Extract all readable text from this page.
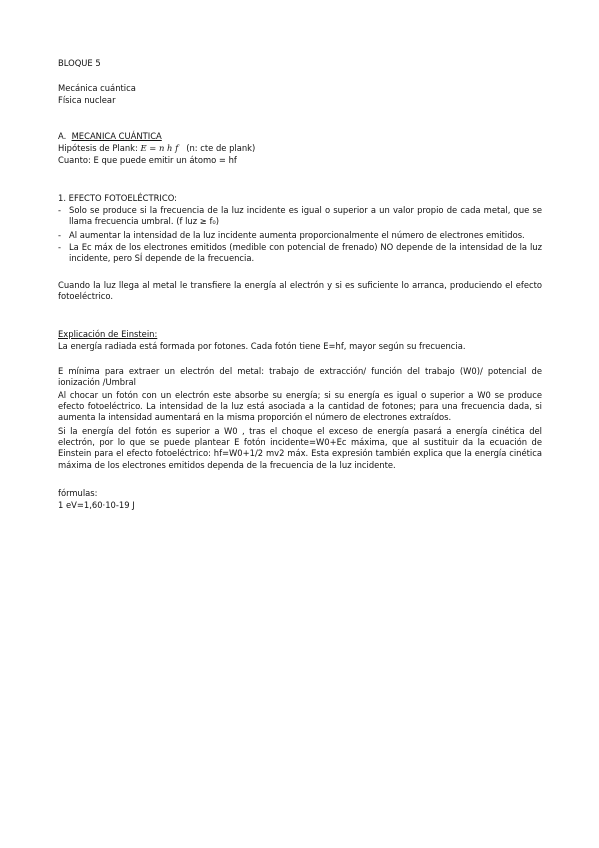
BLOQUE 5
Mecánica cuántica
Física nuclear
A. MECANICA CUÁNTICA
Hipótesis de Plank: E = n h f (n: cte de plank)
Cuanto: E que puede emitir un átomo = hf
1. EFECTO FOTOELÉCTRICO:
- Solo se produce si la frecuencia de la luz incidente es igual o superior a un valor propio de cada metal, que se llama frecuencia umbral. (f luz ≥ f₀)
- Al aumentar la intensidad de la luz incidente aumenta proporcionalmente el número de electrones emitidos.
- La Ec máx de los electrones emitidos (medible con potencial de frenado) NO depende de la intensidad de la luz incidente, pero SÍ depende de la frecuencia.
Cuando la luz llega al metal le transfiere la energía al electrón y si es suficiente lo arranca, produciendo el efecto fotoeléctrico.
Explicación de Einstein:
La energía radiada está formada por fotones. Cada fotón tiene E=hf, mayor según su frecuencia.
E mínima para extraer un electrón del metal: trabajo de extracción/ función del trabajo (W0)/ potencial de ionización /Umbral
Al chocar un fotón con un electrón este absorbe su energía; si su energía es igual o superior a W0 se produce efecto fotoeléctrico. La intensidad de la luz está asociada a la cantidad de fotones; para una frecuencia dada, si aumenta la intensidad aumentará en la misma proporción el número de electrones extraídos.
Si la energía del fotón es superior a W0 , tras el choque el exceso de energía pasará a energía cinética del electrón, por lo que se puede plantear E fotón incidente=W0+Ec máxima, que al sustituir da la ecuación de Einstein para el efecto fotoeléctrico: hf=W0+1/2 mv2 máx. Esta expresión también explica que la energía cinética máxima de los electrones emitidos dependa de la frecuencia de la luz incidente.
fórmulas:
1 eV=1,60·10-19 J
